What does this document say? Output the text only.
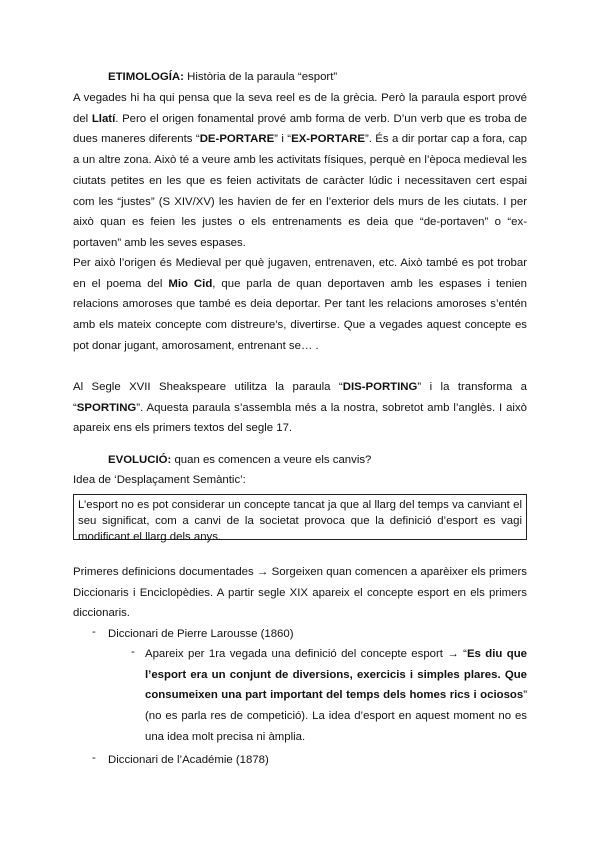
ETIMOLOGÍA: Història de la paraula “esport”
A vegades hi ha qui pensa que la seva reel es de la grècia. Però la paraula esport prové del Llatí. Pero el origen fonamental prové amb forma de verb. D’un verb que es troba de dues maneres diferents “DE-PORTARE” i “EX-PORTARE”. És a dir portar cap a fora, cap a un altre zona. Això té a veure amb les activitats físiques, perquè en l’època medieval les ciutats petites en les que es feien activitats de caràcter lúdic i necessitaven cert espai com les “justes” (S XIV/XV) les havien de fer en l’exterior dels murs de les ciutats. I per això quan es feien les justes o els entrenaments es deia que “de-portaven” o “ex-portaven” amb les seves espases.
Per això l’origen és Medieval per què jugaven, entrenaven, etc. Això també es pot trobar en el poema del Mio Cid, que parla de quan deportaven amb les espases i tenien relacions amoroses que també es deia deportar. Per tant les relacions amoroses s’entén amb els mateix concepte com distreure’s, divertirse. Que a vegades aquest concepte es pot donar jugant, amorosament, entrenant se… .
Al Segle XVII Sheakspeare utilitza la paraula “DIS-PORTING” i la transforma a “SPORTING”. Aquesta paraula s’assembla més a la nostra, sobretot amb l’anglès. I això apareix ens els primers textos del segle 17.
EVOLUCIÓ: quan es comencen a veure els canvis?
Idea de ‘Desplaçament Semàntic’:
L’esport no es pot considerar un concepte tancat ja que al llarg del temps va canviant el seu significat, com a canvi de la societat provoca que la definició d’esport es vagi modificant el llarg dels anys.
Primeres definicions documentades → Sorgeixen quan comencen a aparèixer els primers Diccionaris i Enciclopèdies. A partir segle XIX apareix el concepte esport en els primers diccionaris.
- Diccionari de Pierre Larousse (1860)
- Apareix per 1ra vegada una definició del concepte esport → “Es diu que l’esport era un conjunt de diversions, exercicis i simples plares. Que consumeixen una part important del temps dels homes rics i ociosos” (no es parla res de competició). La idea d’esport en aquest moment no es una idea molt precisa ni àmplia.
- Diccionari de l’Académie (1878)
